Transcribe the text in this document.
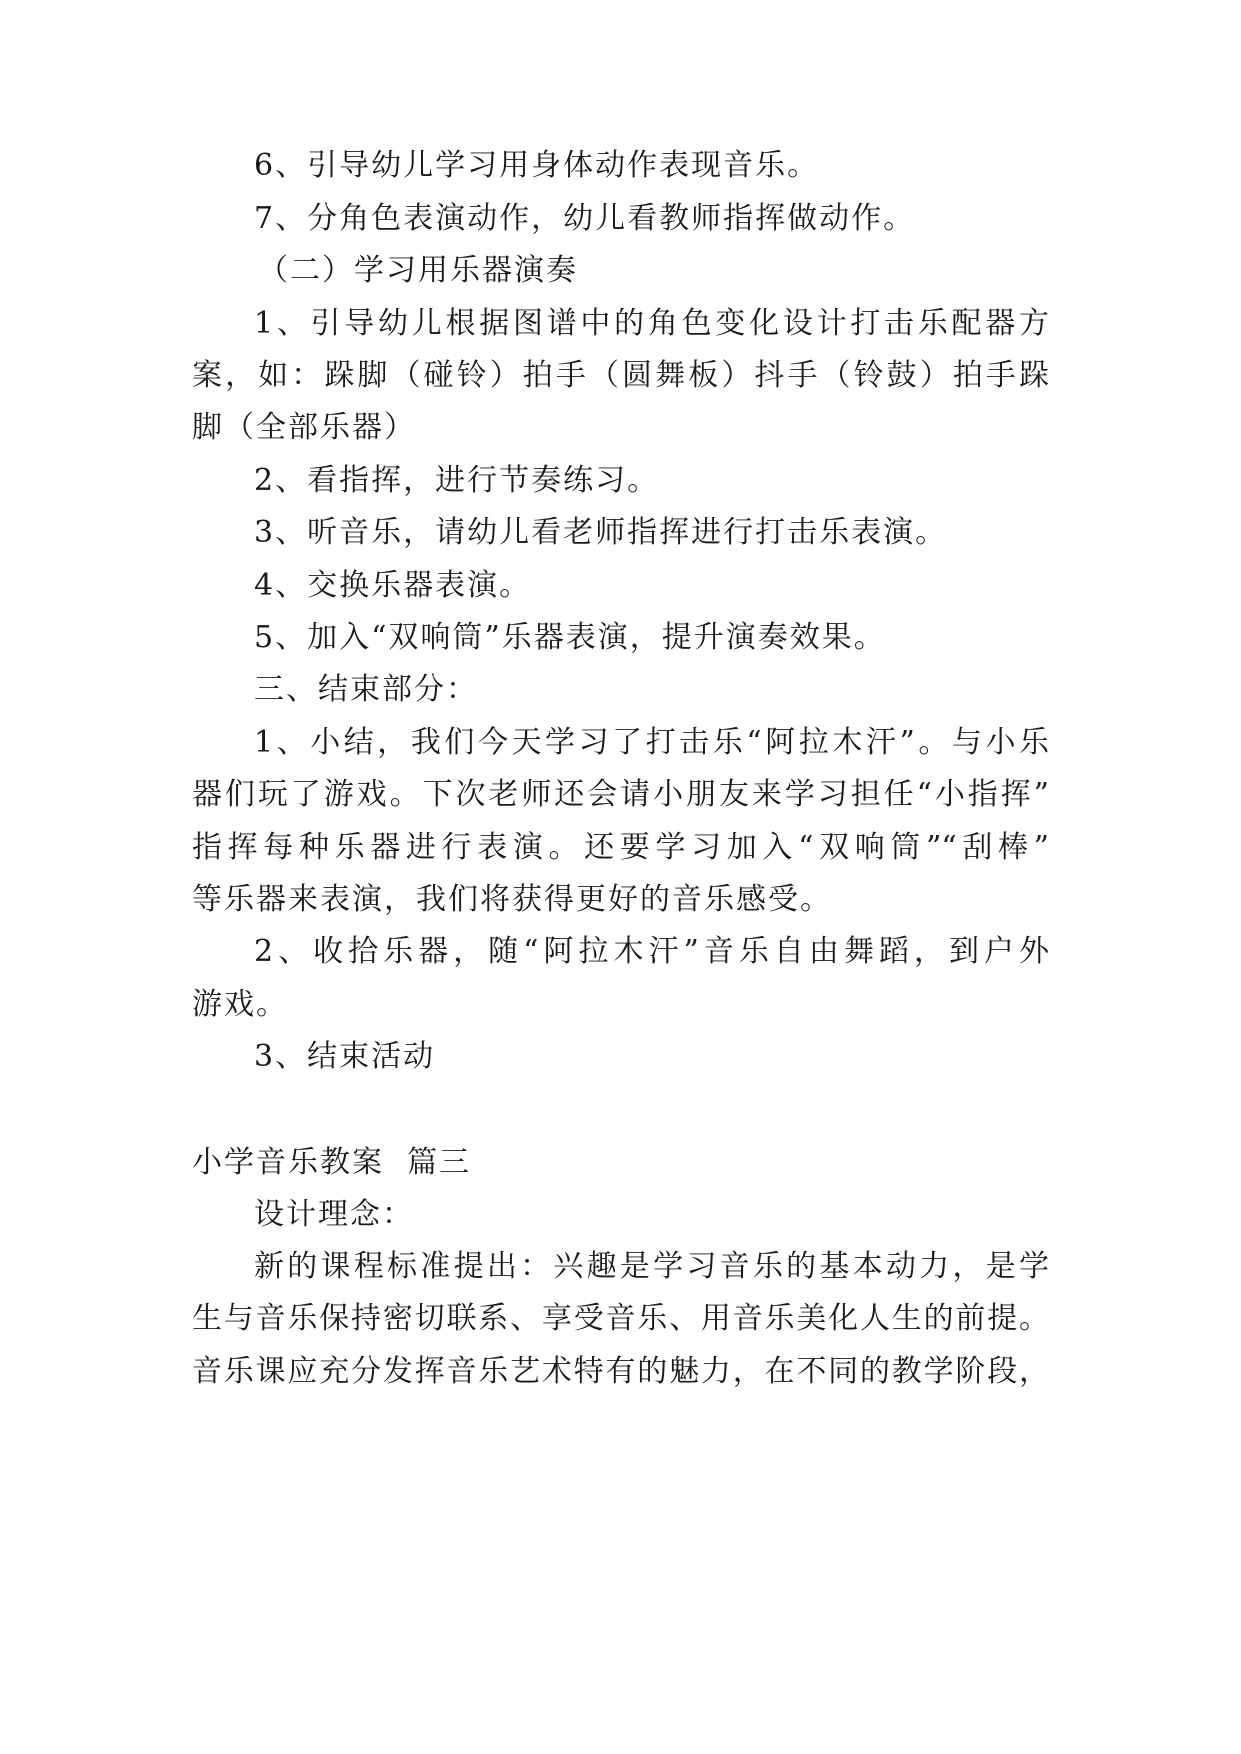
6、引导幼儿学习用身体动作表现音乐。
7、分角色表演动作，幼儿看教师指挥做动作。
（二）学习用乐器演奏
1、引导幼儿根据图谱中的角色变化设计打击乐配器方
案，如：跺脚（碰铃）拍手（圆舞板）抖手（铃鼓）拍手跺
脚（全部乐器）
2、看指挥，进行节奏练习。
3、听音乐，请幼儿看老师指挥进行打击乐表演。
4、交换乐器表演。
5、加入“双响筒”乐器表演，提升演奏效果。
三、结束部分：
1、小结，我们今天学习了打击乐“阿拉木汗”。与小乐
器们玩了游戏。下次老师还会请小朋友来学习担任“小指挥”
指挥每种乐器进行表演。还要学习加入“双响筒”“刮棒”
等乐器来表演，我们将获得更好的音乐感受。
2、收拾乐器，随“阿拉木汗”音乐自由舞蹈，到户外
游戏。
3、结束活动
小学音乐教案  篇三
设计理念：
新的课程标准提出：兴趣是学习音乐的基本动力，是学
生与音乐保持密切联系、享受音乐、用音乐美化人生的前提。
音乐课应充分发挥音乐艺术特有的魅力，在不同的教学阶段，
